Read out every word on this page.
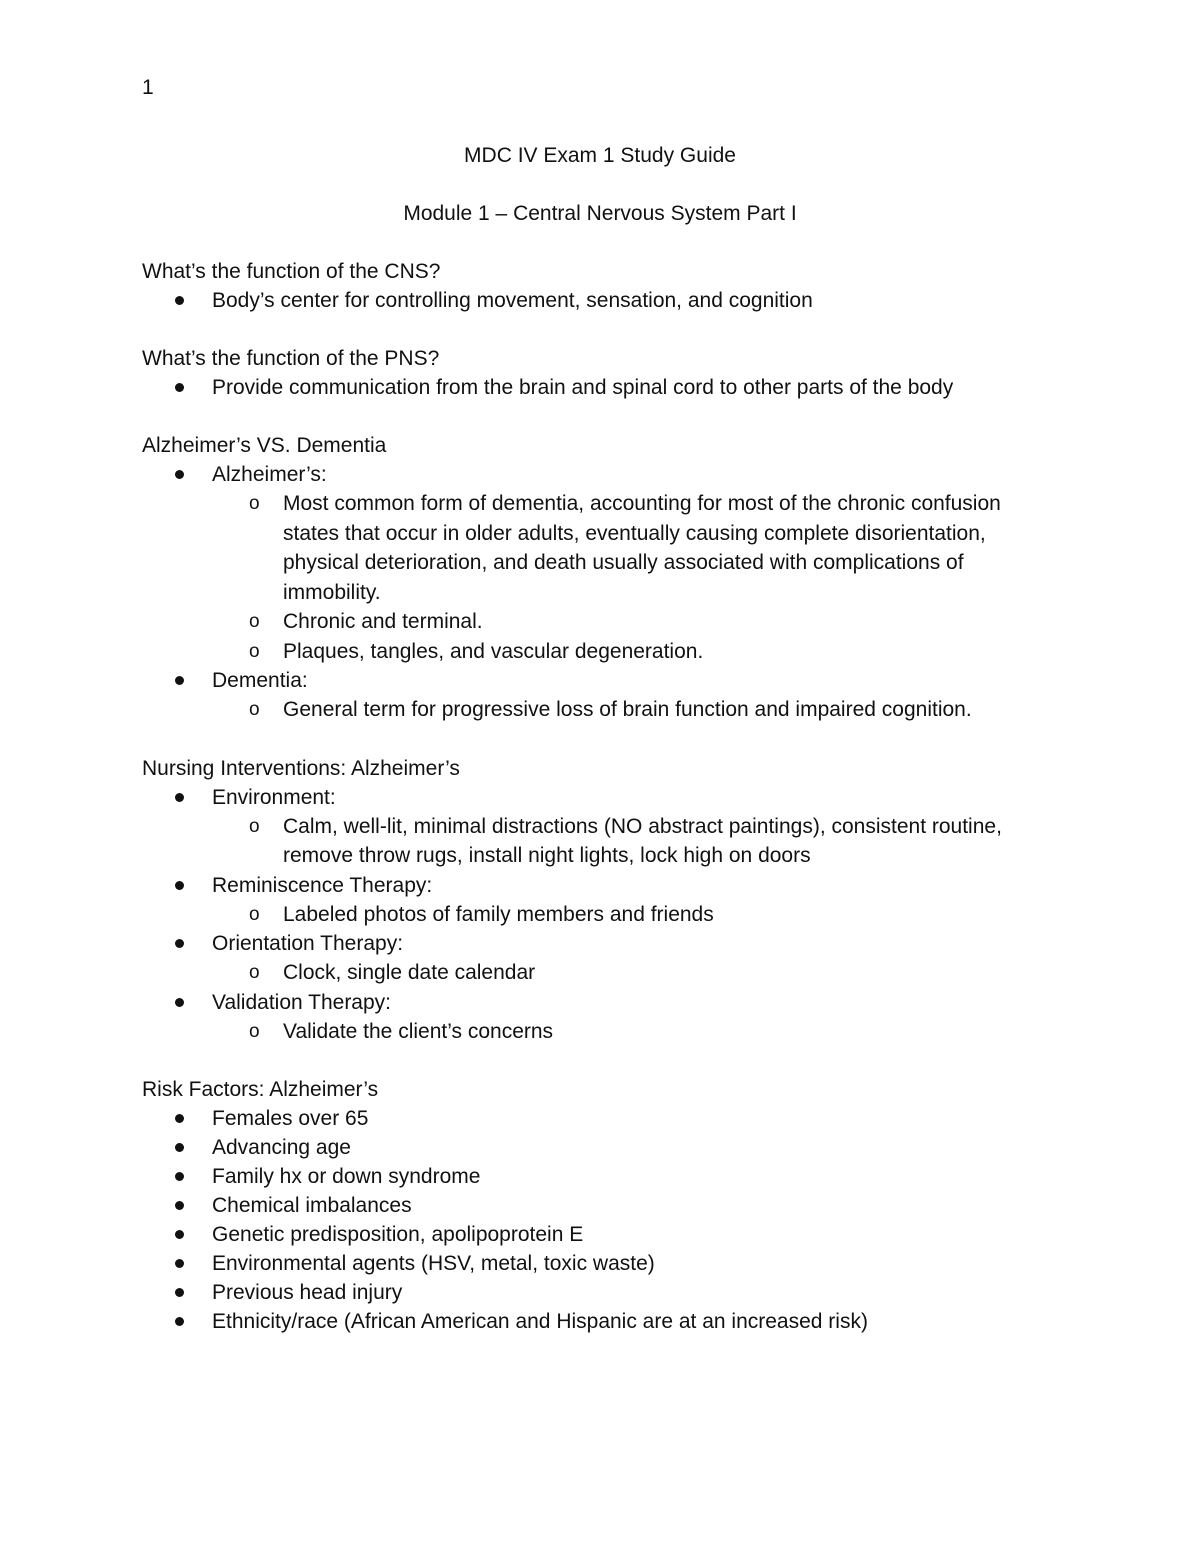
1
MDC IV Exam 1 Study Guide
Module 1 – Central Nervous System Part I
What’s the function of the CNS?
Body’s center for controlling movement, sensation, and cognition
What’s the function of the PNS?
Provide communication from the brain and spinal cord to other parts of the body
Alzheimer’s VS. Dementia
Alzheimer’s:
o Most common form of dementia, accounting for most of the chronic confusion states that occur in older adults, eventually causing complete disorientation, physical deterioration, and death usually associated with complications of immobility.
o Chronic and terminal.
o Plaques, tangles, and vascular degeneration.
Dementia:
o General term for progressive loss of brain function and impaired cognition.
Nursing Interventions: Alzheimer’s
Environment:
o Calm, well-lit, minimal distractions (NO abstract paintings), consistent routine, remove throw rugs, install night lights, lock high on doors
Reminiscence Therapy:
o Labeled photos of family members and friends
Orientation Therapy:
o Clock, single date calendar
Validation Therapy:
o Validate the client’s concerns
Risk Factors: Alzheimer’s
Females over 65
Advancing age
Family hx or down syndrome
Chemical imbalances
Genetic predisposition, apolipoprotein E
Environmental agents (HSV, metal, toxic waste)
Previous head injury
Ethnicity/race (African American and Hispanic are at an increased risk)
